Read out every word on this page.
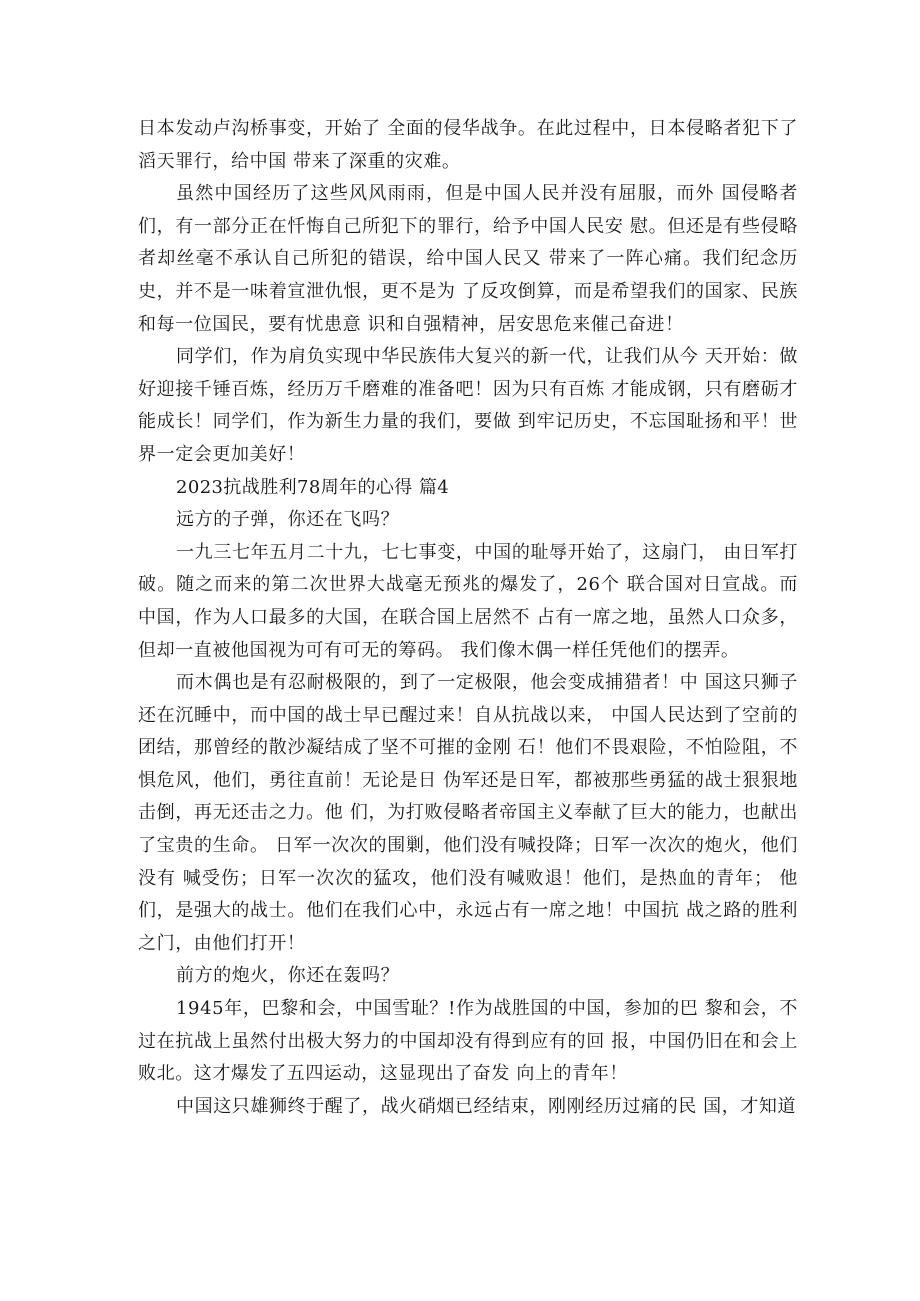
日本发动卢沟桥事变，开始了 全面的侵华战争。在此过程中，日本侵略者犯下了滔天罪行，给中国 带来了深重的灾难。

虽然中国经历了这些风风雨雨，但是中国人民并没有屈服，而外 国侵略者们，有一部分正在忏悔自己所犯下的罪行，给予中国人民安 慰。但还是有些侵略者却丝毫不承认自己所犯的错误，给中国人民又 带来了一阵心痛。我们纪念历史，并不是一味着宣泄仇恨，更不是为 了反攻倒算，而是希望我们的国家、民族和每一位国民，要有忧患意 识和自强精神，居安思危来催己奋进！

同学们，作为肩负实现中华民族伟大复兴的新一代，让我们从今 天开始：做好迎接千锤百炼，经历万千磨难的准备吧！因为只有百炼 才能成钢，只有磨砺才能成长！同学们，作为新生力量的我们，要做 到牢记历史，不忘国耻扬和平！世界一定会更加美好！

2023抗战胜利78周年的心得 篇4

远方的子弹，你还在飞吗？

一九三七年五月二十九，七七事变，中国的耻辱开始了，这扇门， 由日军打破。随之而来的第二次世界大战毫无预兆的爆发了，26个 联合国对日宣战。而中国，作为人口最多的大国，在联合国上居然不 占有一席之地，虽然人口众多，但却一直被他国视为可有可无的筹码。 我们像木偶一样任凭他们的摆弄。

而木偶也是有忍耐极限的，到了一定极限，他会变成捕猎者！中 国这只狮子还在沉睡中，而中国的战士早已醒过来！自从抗战以来， 中国人民达到了空前的团结，那曾经的散沙凝结成了坚不可摧的金刚 石！他们不畏艰险，不怕险阻，不惧危风，他们，勇往直前！无论是日 伪军还是日军，都被那些勇猛的战士狠狠地击倒，再无还击之力。他 们，为打败侵略者帝国主义奉献了巨大的能力，也献出了宝贵的生命。 日军一次次的围剿，他们没有喊投降；日军一次次的炮火，他们没有 喊受伤；日军一次次的猛攻，他们没有喊败退！他们，是热血的青年； 他们，是强大的战士。他们在我们心中，永远占有一席之地！中国抗 战之路的胜利之门，由他们打开！

前方的炮火，你还在轰吗？

1945年，巴黎和会，中国雪耻？!作为战胜国的中国，参加的巴 黎和会，不过在抗战上虽然付出极大努力的中国却没有得到应有的回 报，中国仍旧在和会上败北。这才爆发了五四运动，这显现出了奋发 向上的青年！

中国这只雄狮终于醒了，战火硝烟已经结束，刚刚经历过痛的民 国，才知道
